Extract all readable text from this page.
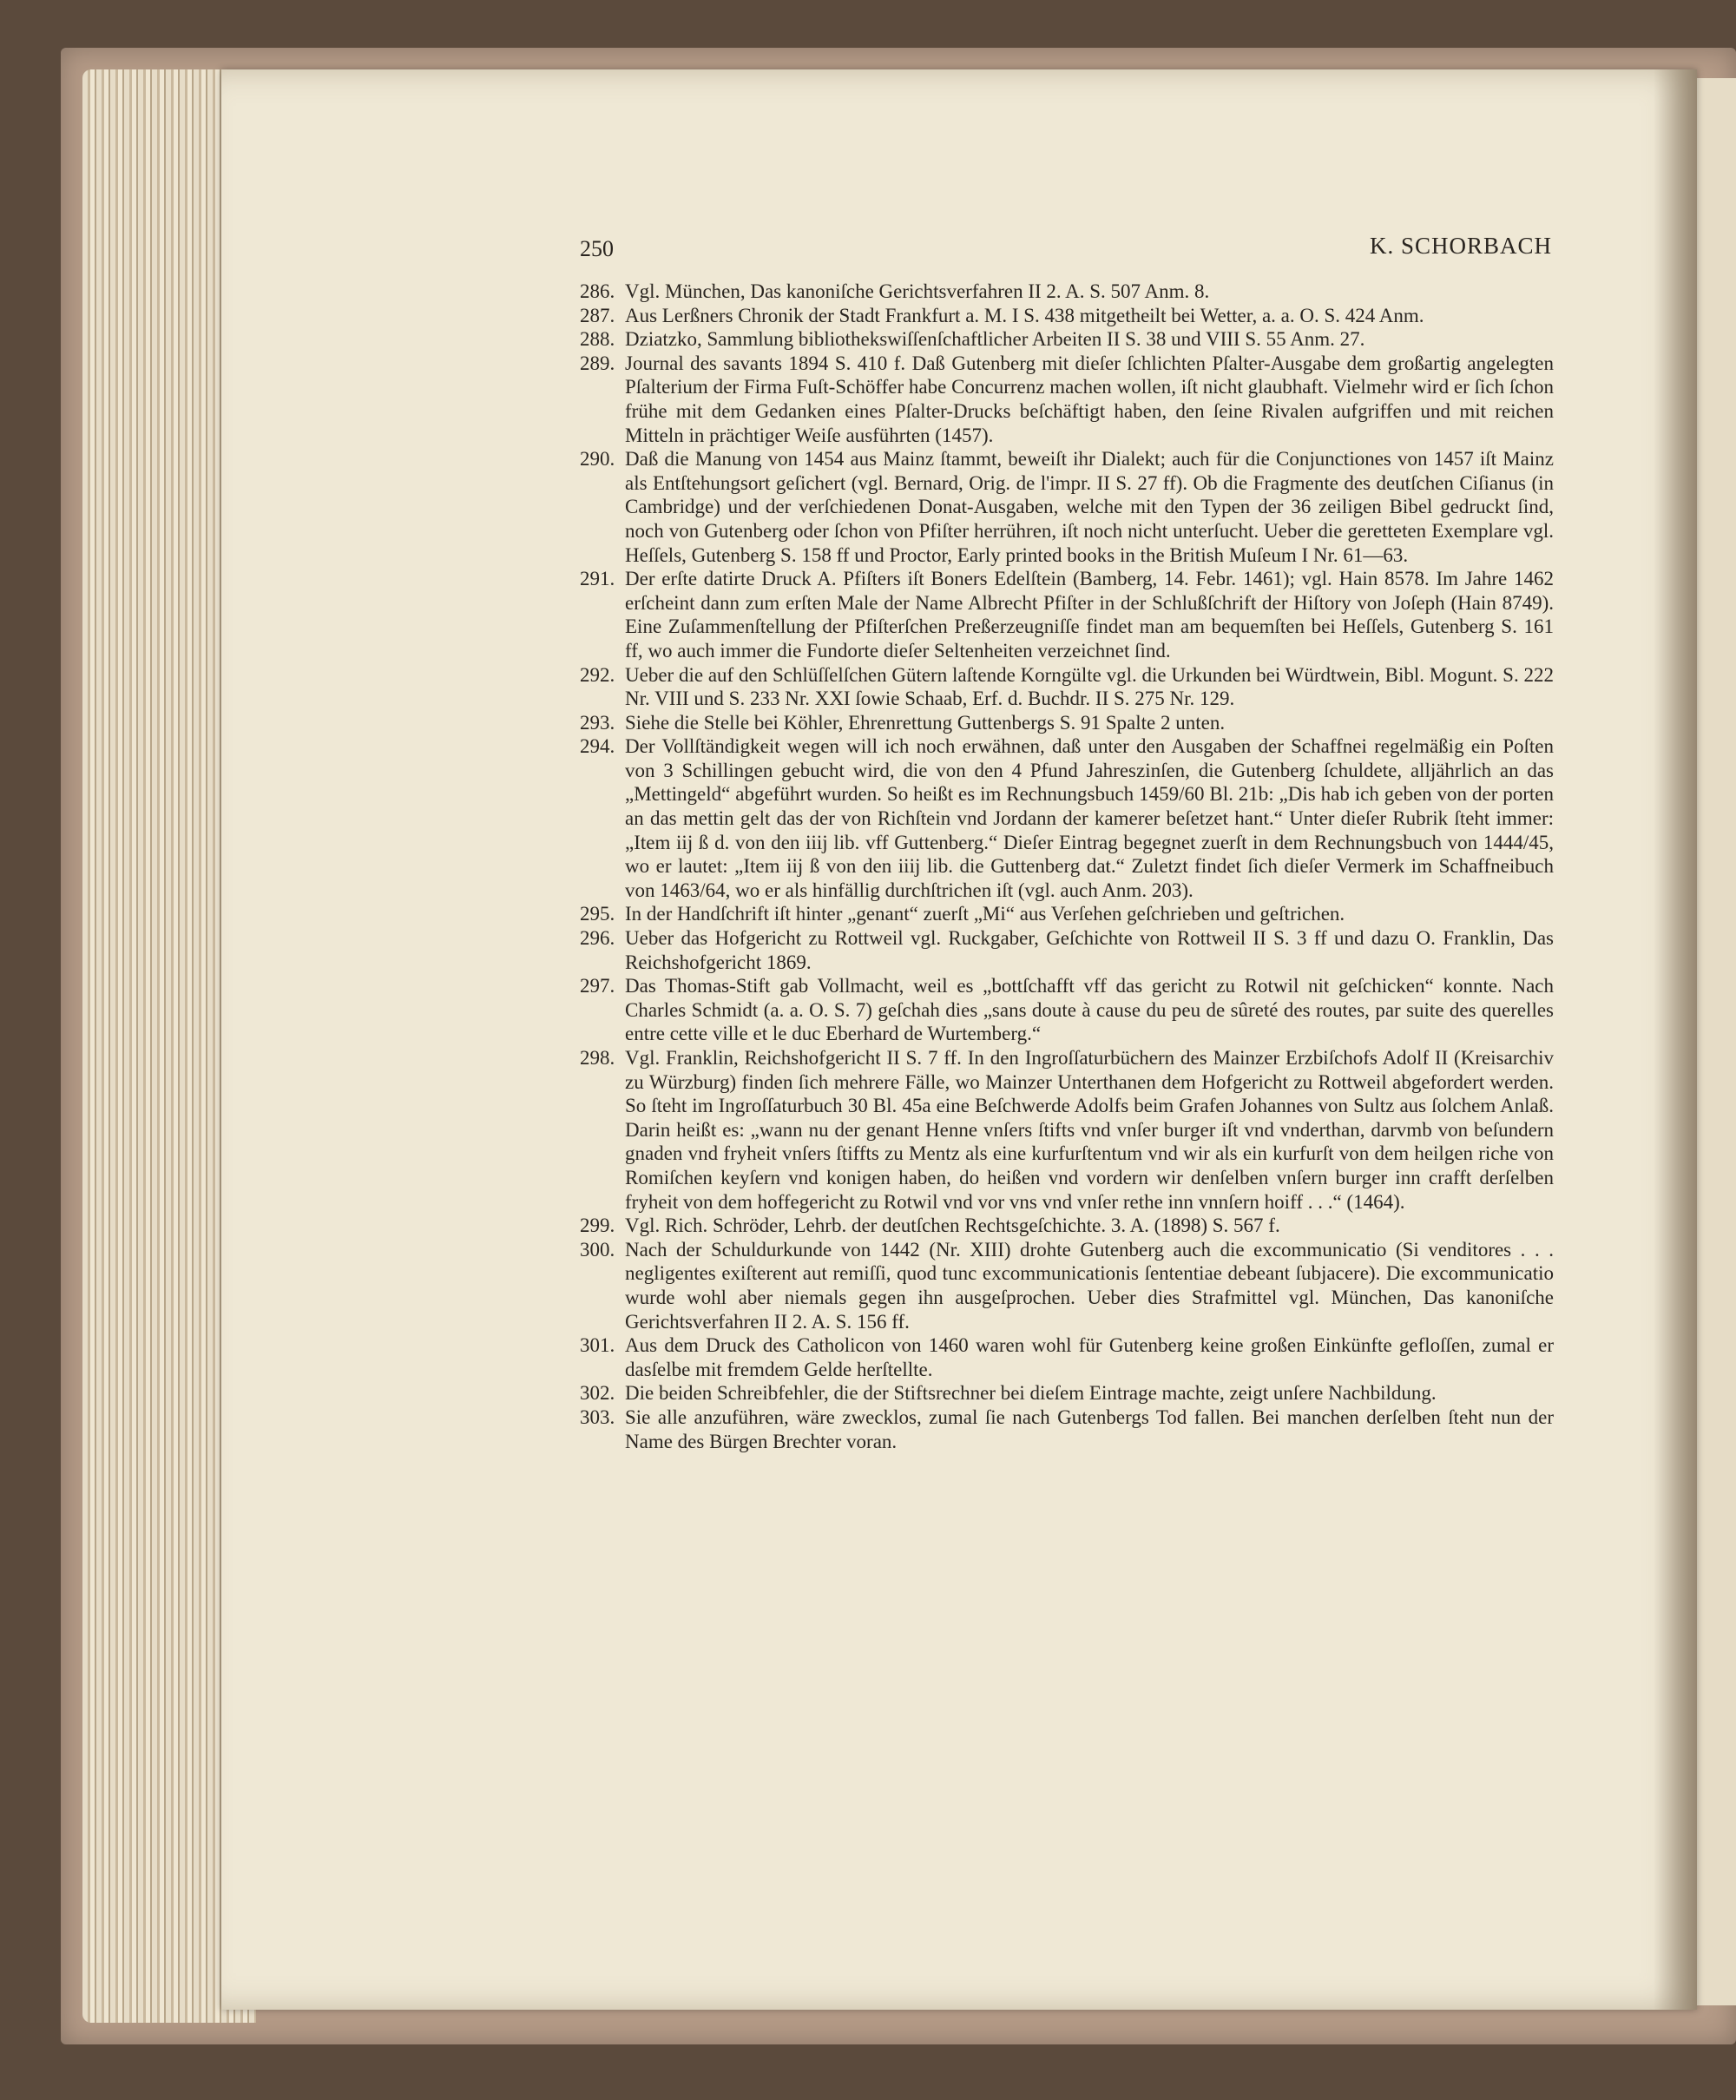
250	K. SCHORBACH
286. Vgl. München, Das kanoniſche Gerichtsverfahren II 2. A. S. 507 Anm. 8.
287. Aus Lerßners Chronik der Stadt Frankfurt a. M. I S. 438 mitgetheilt bei Wetter, a. a. O. S. 424 Anm.
288. Dziatzko, Sammlung bibliothekswiſſenſchaftlicher Arbeiten II S. 38 und VIII S. 55 Anm. 27.
289. Journal des savants 1894 S. 410 f. Daß Gutenberg mit dieſer ſchlichten Pſalter-Ausgabe dem großartig angelegten Pſalterium der Firma Fuſt-Schöffer habe Concurrenz machen wollen, iſt nicht glaubhaft. Vielmehr wird er ſich ſchon frühe mit dem Gedanken eines Pſalter-Drucks beſchäftigt haben, den ſeine Rivalen aufgriffen und mit reichen Mitteln in prächtiger Weiſe ausführten (1457).
290. Daß die Manung von 1454 aus Mainz ſtammt, beweiſt ihr Dialekt; auch für die Conjunctiones von 1457 iſt Mainz als Entſtehungsort geſichert (vgl. Bernard, Orig. de l'impr. II S. 27 ff). Ob die Fragmente des deutſchen Ciſianus (in Cambridge) und der verſchiedenen Donat-Ausgaben, welche mit den Typen der 36 zeiligen Bibel gedruckt ſind, noch von Gutenberg oder ſchon von Pfiſter herrühren, iſt noch nicht unterſucht. Ueber die geretteten Exemplare vgl. Heſſels, Gutenberg S. 158 ff und Proctor, Early printed books in the British Muſeum I Nr. 61—63.
291. Der erſte datirte Druck A. Pfiſters iſt Boners Edelſtein (Bamberg, 14. Febr. 1461); vgl. Hain 8578. Im Jahre 1462 erſcheint dann zum erſten Male der Name Albrecht Pfiſter in der Schlußſchrift der Hiſtory von Joſeph (Hain 8749). Eine Zuſammenſtellung der Pfiſterſchen Preßerzeugniſſe findet man am bequemſten bei Heſſels, Gutenberg S. 161 ff, wo auch immer die Fundorte dieſer Seltenheiten verzeichnet ſind.
292. Ueber die auf den Schlüſſelſchen Gütern laſtende Korngülte vgl. die Urkunden bei Würdtwein, Bibl. Mogunt. S. 222 Nr. VIII und S. 233 Nr. XXI ſowie Schaab, Erf. d. Buchdr. II S. 275 Nr. 129.
293. Siehe die Stelle bei Köhler, Ehrenrettung Guttenbergs S. 91 Spalte 2 unten.
294. Der Vollſtändigkeit wegen will ich noch erwähnen, daß unter den Ausgaben der Schaffnei regelmäßig ein Poſten von 3 Schillingen gebucht wird, die von den 4 Pfund Jahreszinſen, die Gutenberg ſchuldete, alljährlich an das „Mettingeld“ abgeführt wurden. So heißt es im Rechnungsbuch 1459/60 Bl. 21b: „Dis hab ich geben von der porten an das mettin gelt das der von Richſtein vnd Jordann der kamerer beſetzet hant.“ Unter dieſer Rubrik ſteht immer: „Item iij ß d. von den iiij lib. vff Guttenberg.“ Dieſer Eintrag begegnet zuerſt in dem Rechnungsbuch von 1444/45, wo er lautet: „Item iij ß von den iiij lib. die Guttenberg dat.“ Zuletzt findet ſich dieſer Vermerk im Schaffneibuch von 1463/64, wo er als hinfällig durchſtrichen iſt (vgl. auch Anm. 203).
295. In der Handſchrift iſt hinter „genant“ zuerſt „Mi“ aus Verſehen geſchrieben und geſtrichen.
296. Ueber das Hofgericht zu Rottweil vgl. Ruckgaber, Geſchichte von Rottweil II S. 3 ff und dazu O. Franklin, Das Reichshofgericht 1869.
297. Das Thomas-Stift gab Vollmacht, weil es „bottſchafft vff das gericht zu Rotwil nit geſchicken“ konnte. Nach Charles Schmidt (a. a. O. S. 7) geſchah dies „sans doute à cause du peu de sûreté des routes, par suite des querelles entre cette ville et le duc Eberhard de Wurtemberg.“
298. Vgl. Franklin, Reichshofgericht II S. 7 ff. In den Ingroſſaturbüchern des Mainzer Erzbiſchofs Adolf II (Kreisarchiv zu Würzburg) finden ſich mehrere Fälle, wo Mainzer Unterthanen dem Hofgericht zu Rottweil abgefordert werden. So ſteht im Ingroſſaturbuch 30 Bl. 45a eine Beſchwerde Adolfs beim Grafen Johannes von Sultz aus ſolchem Anlaß. Darin heißt es: „wann nu der genant Henne vnſers ſtifts vnd vnſer burger iſt vnd vnderthan, darvmb von beſundern gnaden vnd fryheit vnſers ſtiffts zu Mentz als eine kurfurſtentum vnd wir als ein kurfurſt von dem heilgen riche von Romiſchen keyſern vnd konigen haben, do heißen vnd vordern wir denſelben vnſern burger inn crafft derſelben fryheit von dem hoffegericht zu Rotwil vnd vor vns vnd vnſer rethe inn vnnſern hoiff . . .“ (1464).
299. Vgl. Rich. Schröder, Lehrb. der deutſchen Rechtsgeſchichte. 3. A. (1898) S. 567 f.
300. Nach der Schuldurkunde von 1442 (Nr. XIII) drohte Gutenberg auch die excommunicatio (Si venditores . . . negligentes exiſterent aut remiſſi, quod tunc excommunicationis ſententiae debeant ſubjacere). Die excommunicatio wurde wohl aber niemals gegen ihn ausgeſprochen. Ueber dies Strafmittel vgl. München, Das kanoniſche Gerichtsverfahren II 2. A. S. 156 ff.
301. Aus dem Druck des Catholicon von 1460 waren wohl für Gutenberg keine großen Einkünfte gefloſſen, zumal er dasſelbe mit fremdem Gelde herſtellte.
302. Die beiden Schreibfehler, die der Stiftsrechner bei dieſem Eintrage machte, zeigt unſere Nachbildung.
303. Sie alle anzuführen, wäre zwecklos, zumal ſie nach Gutenbergs Tod fallen. Bei manchen derſelben ſteht nun der Name des Bürgen Brechter voran.
